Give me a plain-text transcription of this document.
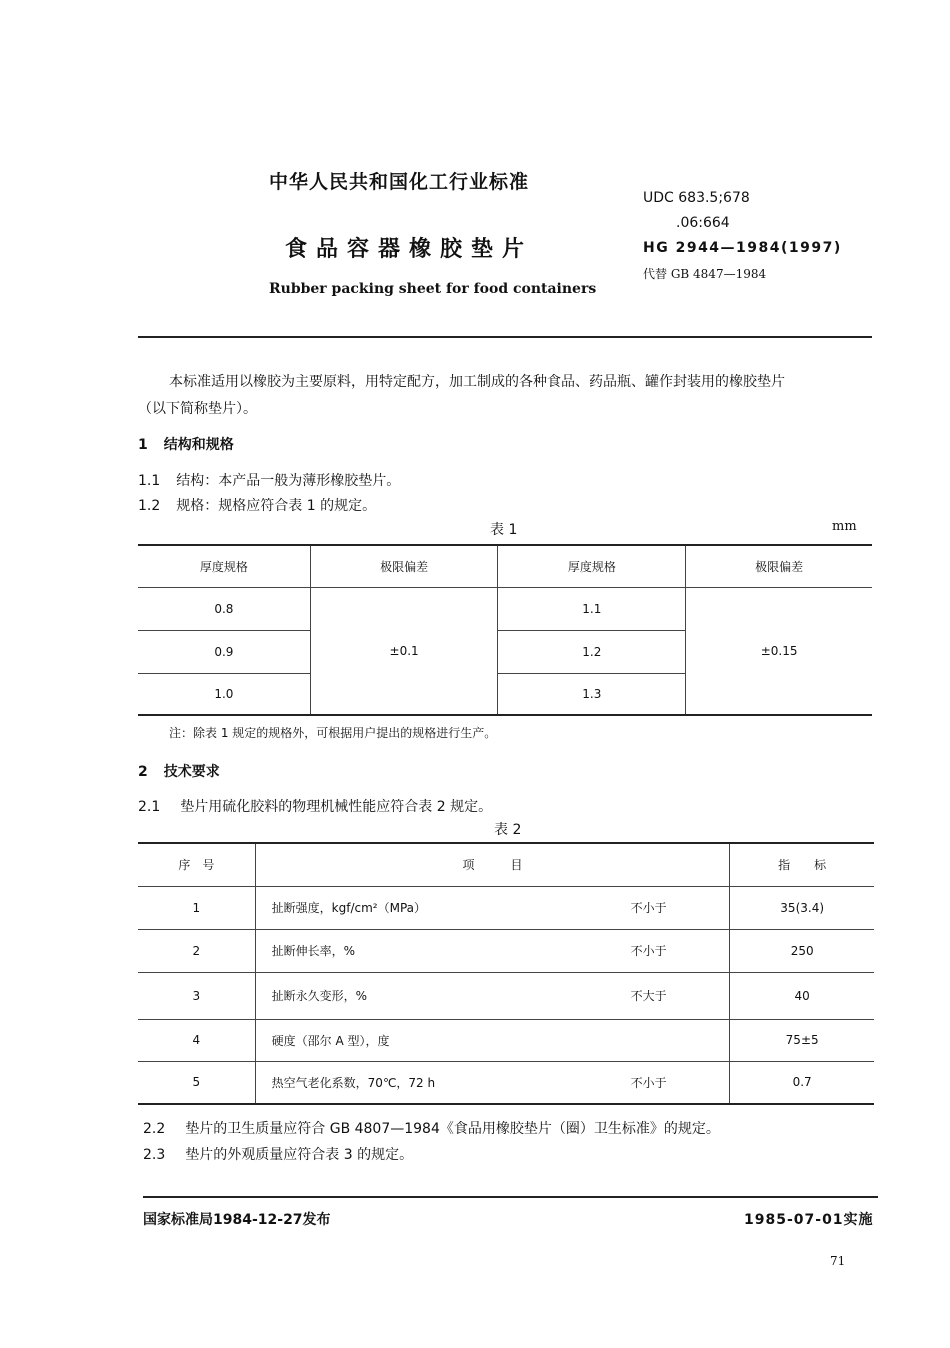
中华人民共和国化工行业标准
食品容器橡胶垫片
Rubber packing sheet for food containers
UDC 683.5;678
.06:664
HG 2944—1984(1997)
代替 GB 4847—1984
本标准适用以橡胶为主要原料，用特定配方，加工制成的各种食品、药品瓶、罐作封装用的橡胶垫片
（以下简称垫片）。
1 结构和规格
1.1 结构：本产品一般为薄形橡胶垫片。
1.2 规格：规格应符合表 1 的规定。
表 1	mm
厚度规格	极限偏差	厚度规格	极限偏差
0.8	±0.1	1.1	±0.15
0.9		1.2	
1.0		1.3	
注：除表 1 规定的规格外，可根据用户提出的规格进行生产。
2 技术要求
2.1 垫片用硫化胶料的物理机械性能应符合表 2 规定。
表 2
序　号	项　　　目		指　　标
1	扯断强度，kgf/cm²（MPa）	不小于	35(3.4)
2	扯断伸长率，%	不小于	250
3	扯断永久变形，%	不大于	40
4	硬度（邵尔 A 型），度		75±5
5	热空气老化系数，70℃，72 h	不小于	0.7
2.2 垫片的卫生质量应符合 GB 4807—1984《食品用橡胶垫片（圈）卫生标准》的规定。
2.3 垫片的外观质量应符合表 3 的规定。
国家标准局1984-12-27发布	1985-07-01实施
71
